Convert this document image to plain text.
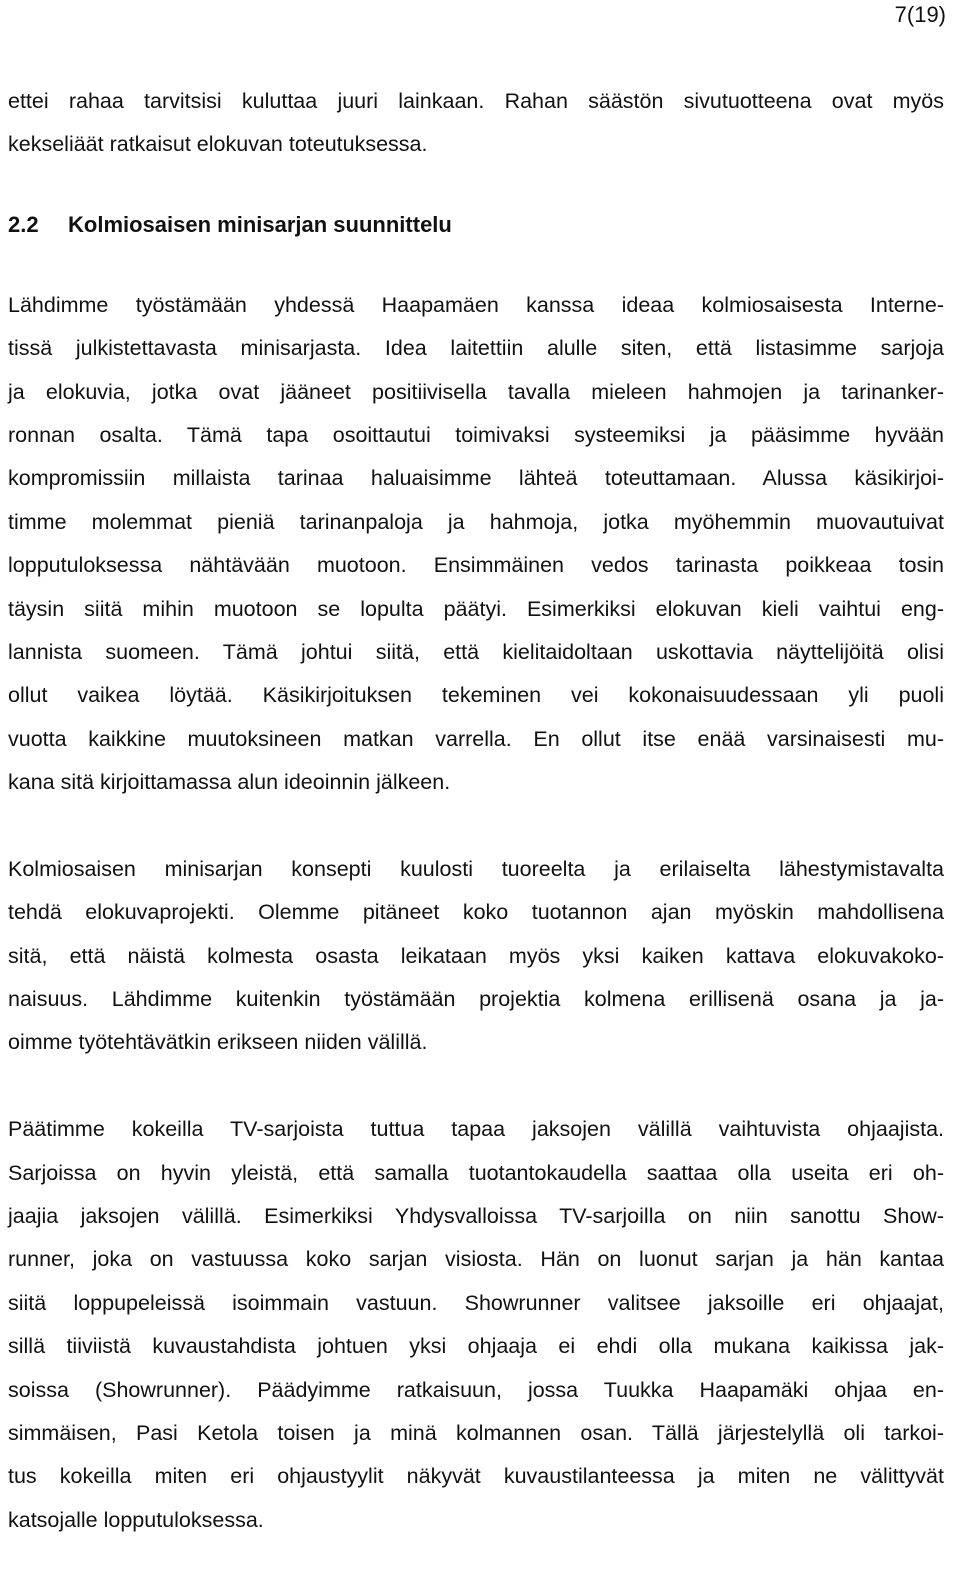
7(19)
ettei rahaa tarvitsisi kuluttaa juuri lainkaan. Rahan säästön sivutuotteena ovat myös
kekseliäät ratkaisut elokuvan toteutuksessa.
2.2 Kolmiosaisen minisarjan suunnittelu
Lähdimme työstämään yhdessä Haapamäen kanssa ideaa kolmiosaisesta Interne-
tissä julkistettavasta minisarjasta. Idea laitettiin alulle siten, että listasimme sarjoja
ja elokuvia, jotka ovat jääneet positiivisella tavalla mieleen hahmojen ja tarinanker-
ronnan osalta. Tämä tapa osoittautui toimivaksi systeemiksi ja pääsimme hyvään
kompromissiin millaista tarinaa haluaisimme lähteä toteuttamaan. Alussa käsikirjoi-
timme molemmat pieniä tarinanpaloja ja hahmoja, jotka myöhemmin muovautuivat
lopputuloksessa nähtävään muotoon. Ensimmäinen vedos tarinasta poikkeaa tosin
täysin siitä mihin muotoon se lopulta päätyi. Esimerkiksi elokuvan kieli vaihtui eng-
lannista suomeen. Tämä johtui siitä, että kielitaidoltaan uskottavia näyttelijöitä olisi
ollut vaikea löytää. Käsikirjoituksen tekeminen vei kokonaisuudessaan yli puoli
vuotta kaikkine muutoksineen matkan varrella. En ollut itse enää varsinaisesti mu-
kana sitä kirjoittamassa alun ideoinnin jälkeen.
Kolmiosaisen minisarjan konsepti kuulosti tuoreelta ja erilaiselta lähestymistavalta
tehdä elokuvaprojekti. Olemme pitäneet koko tuotannon ajan myöskin mahdollisena
sitä, että näistä kolmesta osasta leikataan myös yksi kaiken kattava elokuvakoko-
naisuus. Lähdimme kuitenkin työstämään projektia kolmena erillisenä osana ja ja-
oimme työtehtävätkin erikseen niiden välillä.
Päätimme kokeilla TV-sarjoista tuttua tapaa jaksojen välillä vaihtuvista ohjaajista.
Sarjoissa on hyvin yleistä, että samalla tuotantokaudella saattaa olla useita eri oh-
jaajia jaksojen välillä. Esimerkiksi Yhdysvalloissa TV-sarjoilla on niin sanottu Show-
runner, joka on vastuussa koko sarjan visiosta. Hän on luonut sarjan ja hän kantaa
siitä loppupeleissä isoimmain vastuun. Showrunner valitsee jaksoille eri ohjaajat,
sillä tiiviistä kuvaustahdista johtuen yksi ohjaaja ei ehdi olla mukana kaikissa jak-
soissa (Showrunner). Päädyimme ratkaisuun, jossa Tuukka Haapamäki ohjaa en-
simmäisen, Pasi Ketola toisen ja minä kolmannen osan. Tällä järjestelyllä oli tarkoi-
tus kokeilla miten eri ohjaustyylit näkyvät kuvaustilanteessa ja miten ne välittyvät
katsojalle lopputuloksessa.
